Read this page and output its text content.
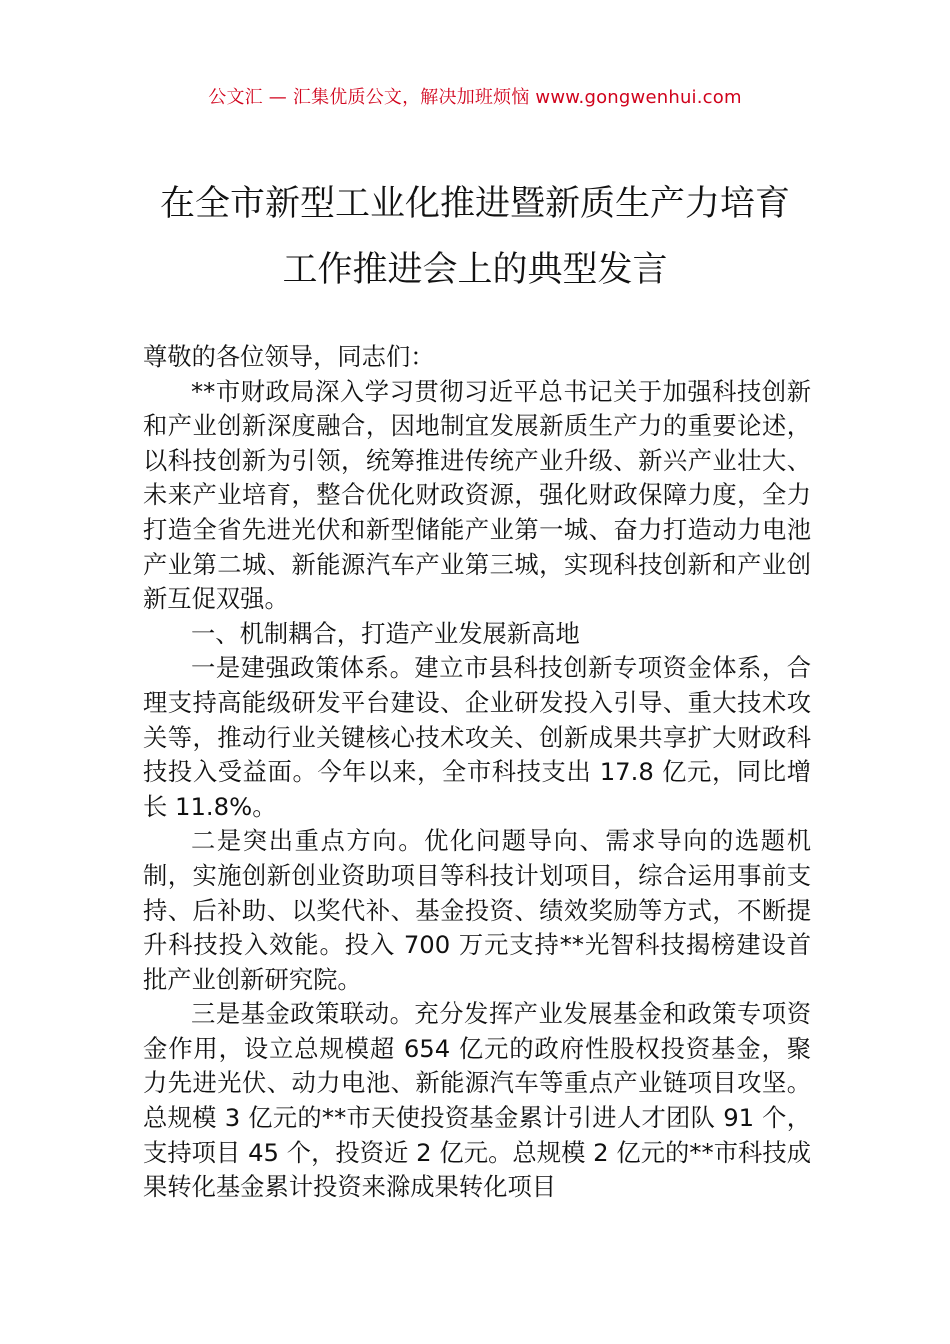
公文汇 — 汇集优质公文，解决加班烦恼 www.gongwenhui.com
在全市新型工业化推进暨新质生产力培育
工作推进会上的典型发言

尊敬的各位领导，同志们：

**市财政局深入学习贯彻习近平总书记关于加强科技创新和产业创新深度融合，因地制宜发展新质生产力的重要论述，以科技创新为引领，统筹推进传统产业升级、新兴产业壮大、未来产业培育，整合优化财政资源，强化财政保障力度，全力打造全省先进光伏和新型储能产业第一城、奋力打造动力电池产业第二城、新能源汽车产业第三城，实现科技创新和产业创新互促双强。

一、机制耦合，打造产业发展新高地

一是建强政策体系。建立市县科技创新专项资金体系，合理支持高能级研发平台建设、企业研发投入引导、重大技术攻关等，推动行业关键核心技术攻关、创新成果共享扩大财政科技投入受益面。今年以来，全市科技支出 17.8 亿元，同比增长 11.8%。

二是突出重点方向。优化问题导向、需求导向的选题机制，实施创新创业资助项目等科技计划项目，综合运用事前支持、后补助、以奖代补、基金投资、绩效奖励等方式，不断提升科技投入效能。投入 700 万元支持**光智科技揭榜建设首批产业创新研究院。

三是基金政策联动。充分发挥产业发展基金和政策专项资金作用，设立总规模超 654 亿元的政府性股权投资基金，聚力先进光伏、动力电池、新能源汽车等重点产业链项目攻坚。总规模 3 亿元的**市天使投资基金累计引进人才团队 91 个，支持项目 45 个，投资近 2 亿元。总规模 2 亿元的**市科技成果转化基金累计投资来滁成果转化项目
